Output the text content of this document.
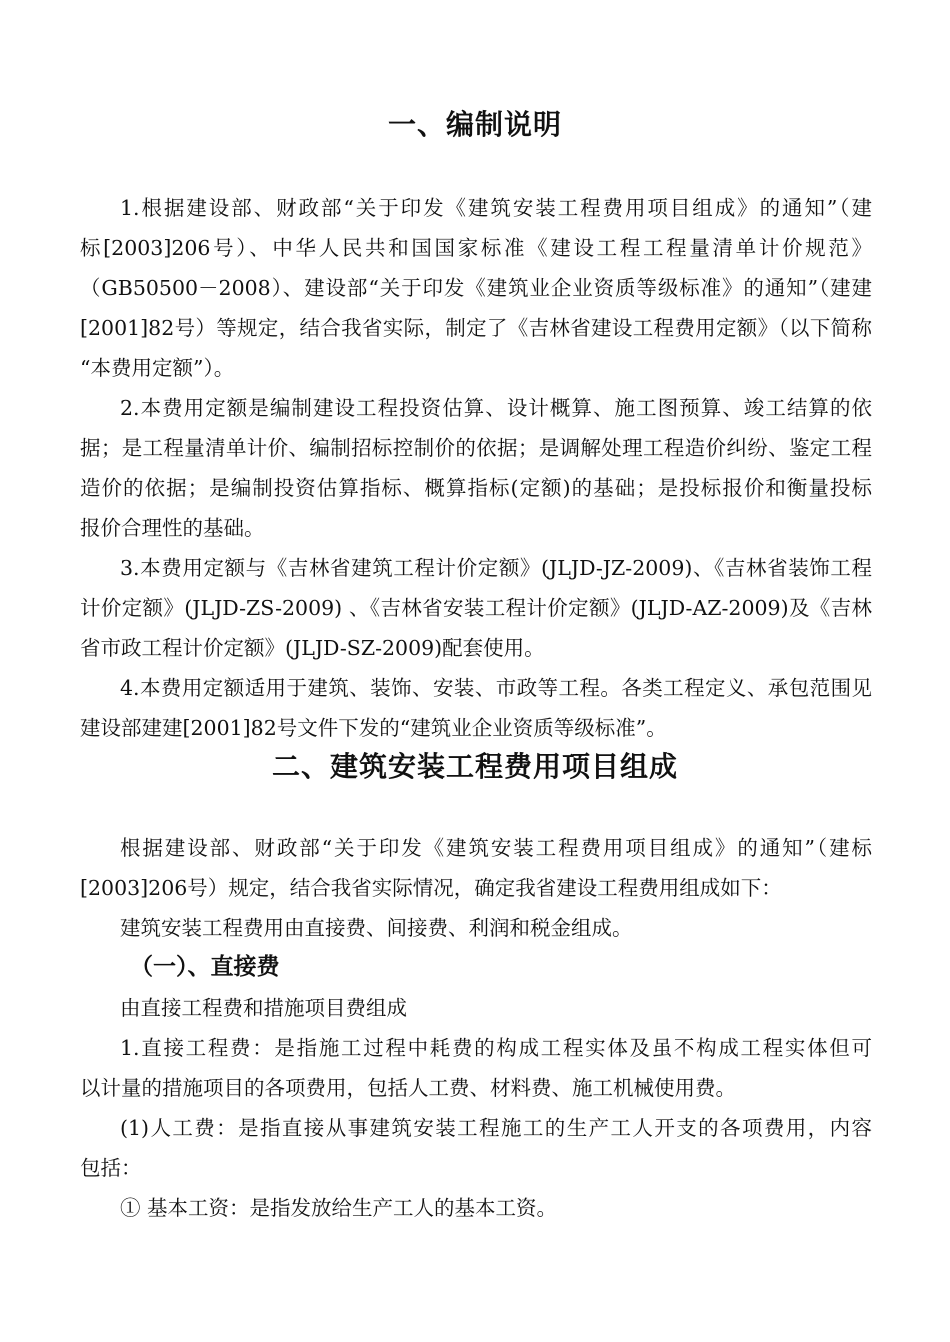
一、编制说明
1.根据建设部、财政部“关于印发《建筑安装工程费用项目组成》的通知”（建
标[2003]206号）、中华人民共和国国家标准《建设工程工程量清单计价规范》
（GB50500－2008）、建设部“关于印发《建筑业企业资质等级标准》的通知”（建建
[2001]82号）等规定，结合我省实际，制定了《吉林省建设工程费用定额》（以下简称
“本费用定额”）。
2.本费用定额是编制建设工程投资估算、设计概算、施工图预算、竣工结算的依
据；是工程量清单计价、编制招标控制价的依据；是调解处理工程造价纠纷、鉴定工程
造价的依据；是编制投资估算指标、概算指标(定额)的基础；是投标报价和衡量投标
报价合理性的基础。
3.本费用定额与《吉林省建筑工程计价定额》(JLJD-JZ-2009)、《吉林省装饰工程
计价定额》(JLJD-ZS-2009) 、《吉林省安装工程计价定额》(JLJD-AZ-2009)及《吉林
省市政工程计价定额》(JLJD-SZ-2009)配套使用。
4.本费用定额适用于建筑、装饰、安装、市政等工程。各类工程定义、承包范围见
建设部建建[2001]82号文件下发的“建筑业企业资质等级标准”。
二、建筑安装工程费用项目组成
根据建设部、财政部“关于印发《建筑安装工程费用项目组成》的通知”（建标
[2003]206号）规定，结合我省实际情况，确定我省建设工程费用组成如下：
建筑安装工程费用由直接费、间接费、利润和税金组成。
（一）、直接费
由直接工程费和措施项目费组成
1.直接工程费：是指施工过程中耗费的构成工程实体及虽不构成工程实体但可
以计量的措施项目的各项费用，包括人工费、材料费、施工机械使用费。
(1)人工费：是指直接从事建筑安装工程施工的生产工人开支的各项费用，内容
包括：
① 基本工资：是指发放给生产工人的基本工资。
